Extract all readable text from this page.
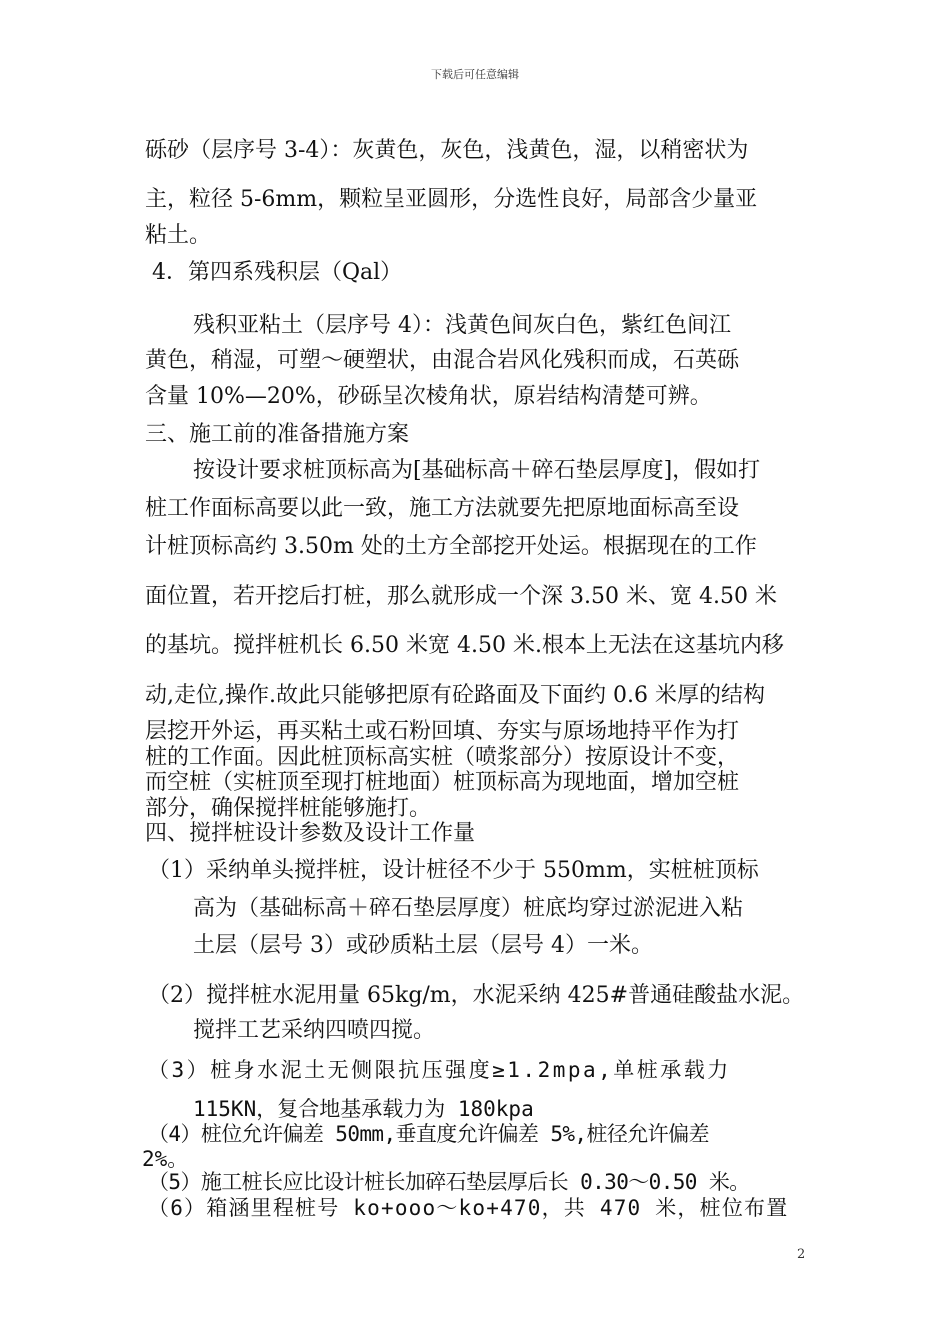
下载后可任意编辑
砾砂（层序号 3-4）：灰黄色，灰色，浅黄色，湿，以稍密状为
主，粒径 5-6mm，颗粒呈亚圆形，分选性良好，局部含少量亚
粘土。
4．第四系残积层（Qal）
残积亚粘土（层序号 4）：浅黄色间灰白色，紫红色间江
黄色，稍湿，可塑～硬塑状，由混合岩风化残积而成，石英砾
含量 10%—20%，砂砾呈次棱角状，原岩结构清楚可辨。
三、施工前的准备措施方案
按设计要求桩顶标高为[基础标高＋碎石垫层厚度]，假如打
桩工作面标高要以此一致，施工方法就要先把原地面标高至设
计桩顶标高约 3.50m 处的土方全部挖开处运。根据现在的工作
面位置，若开挖后打桩，那么就形成一个深 3.50 米、宽 4.50 米
的基坑。搅拌桩机长 6.50 米宽 4.50 米.根本上无法在这基坑内移
动,走位,操作.故此只能够把原有砼路面及下面约 0.6 米厚的结构
层挖开外运，再买粘土或石粉回填、夯实与原场地持平作为打
桩的工作面。因此桩顶标高实桩（喷浆部分）按原设计不变，
而空桩（实桩顶至现打桩地面）桩顶标高为现地面，增加空桩
部分，确保搅拌桩能够施打。
四、搅拌桩设计参数及设计工作量
（1）采纳单头搅拌桩，设计桩径不少于 550mm，实桩桩顶标
高为（基础标高＋碎石垫层厚度）桩底均穿过淤泥进入粘
土层（层号 3）或砂质粘土层（层号 4）一米。
（2）搅拌桩水泥用量 65kg/m，水泥采纳 425#普通硅酸盐水泥。
搅拌工艺采纳四喷四搅。
（3）桩身水泥土无侧限抗压强度≥1.2mpa,单桩承载力
115KN，复合地基承载力为 180kpa
（4）桩位允许偏差 50mm,垂直度允许偏差 5%,桩径允许偏差
2%。
（5）施工桩长应比设计桩长加碎石垫层厚后长 0.30～0.50 米。
（6）箱涵里程桩号 ko+ooo～ko+470，共 470 米，桩位布置
2
